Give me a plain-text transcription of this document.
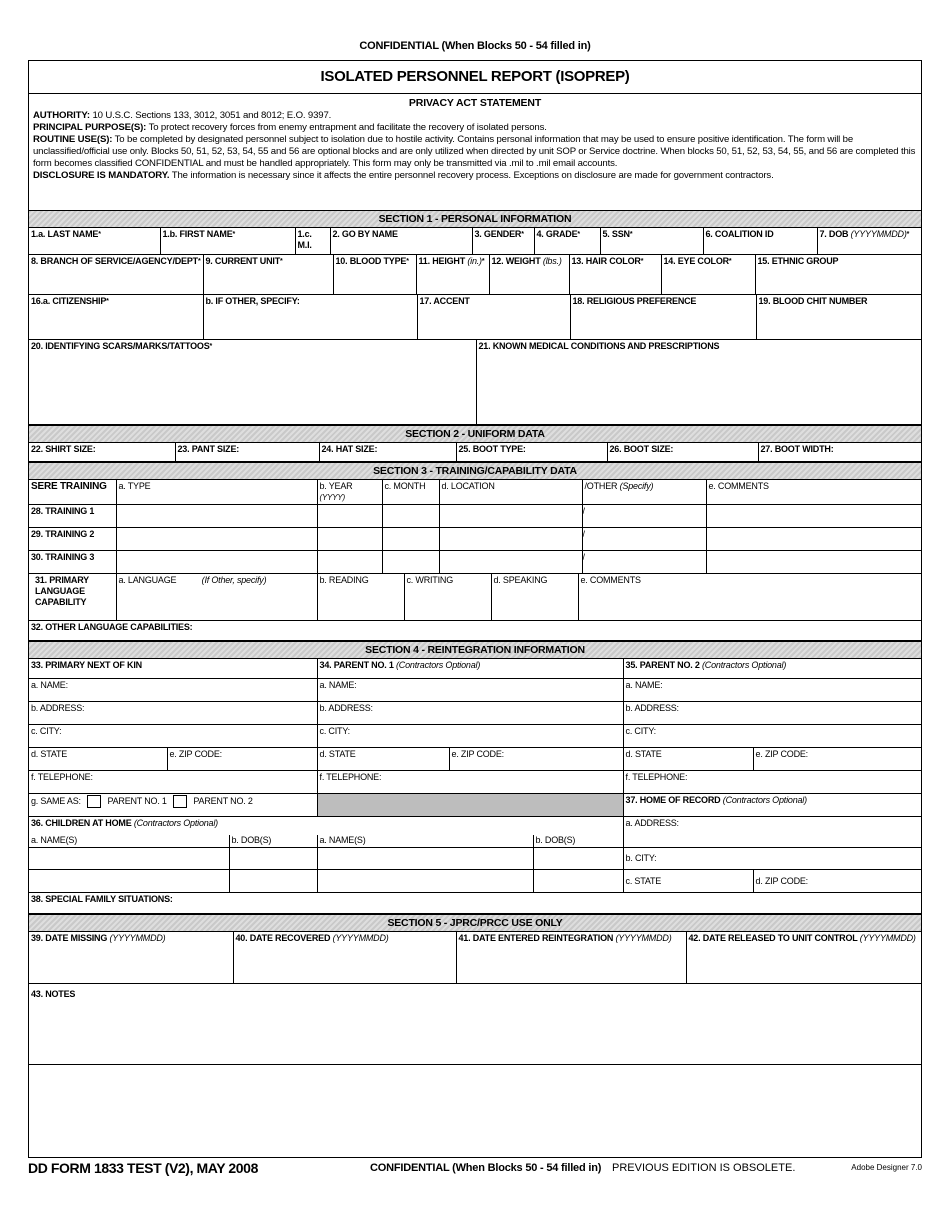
CONFIDENTIAL (When Blocks 50 - 54 filled in)
ISOLATED PERSONNEL REPORT (ISOPREP)
PRIVACY ACT STATEMENT
AUTHORITY: 10 U.S.C. Sections 133, 3012, 3051 and 8012; E.O. 9397.
PRINCIPAL PURPOSE(S): To protect recovery forces from enemy entrapment and facilitate the recovery of isolated persons.
ROUTINE USE(S): To be completed by designated personnel subject to isolation due to hostile activity. Contains personal information that may be used to ensure positive identification. The form will be unclassified/official use only. Blocks 50, 51, 52, 53, 54, 55 and 56 are optional blocks and are only utilized when directed by unit SOP or Service doctrine. When blocks 50, 51, 52, 53, 54, 55, and 56 are completed this form becomes classified CONFIDENTIAL and must be handled appropriately. This form may only be transmitted via .mil to .mil email accounts.
DISCLOSURE IS MANDATORY. The information is necessary since it affects the entire personnel recovery process. Exceptions on disclosure are made for government contractors.
SECTION 1 - PERSONAL INFORMATION
1.a. LAST NAME*	1.b. FIRST NAME*	1.c. M.I.	2. GO BY NAME	3. GENDER*	4. GRADE*	5. SSN*	6. COALITION ID	7. DOB (YYYYMMDD)*
8. BRANCH OF SERVICE/AGENCY/DEPT*	9. CURRENT UNIT*	10. BLOOD TYPE*	11. HEIGHT (in.)*	12. WEIGHT (lbs.)	13. HAIR COLOR*	14. EYE COLOR*	15. ETHNIC GROUP
16.a. CITIZENSHIP*	b. IF OTHER, SPECIFY:	17. ACCENT	18. RELIGIOUS PREFERENCE	19. BLOOD CHIT NUMBER
20. IDENTIFYING SCARS/MARKS/TATTOOS*	21. KNOWN MEDICAL CONDITIONS AND PRESCRIPTIONS
SECTION 2 - UNIFORM DATA
22. SHIRT SIZE:	23. PANT SIZE:	24. HAT SIZE:	25. BOOT TYPE:	26. BOOT SIZE:	27. BOOT WIDTH:
SECTION 3 - TRAINING/CAPABILITY DATA
SERE TRAINING	a. TYPE	b. YEAR (YYYY)	c. MONTH	d. LOCATION	/OTHER (Specify)	e. COMMENTS
28. TRAINING 1					/	
29. TRAINING 2					/	
30. TRAINING 3					/	
31. PRIMARY LANGUAGE CAPABILITY	a. LANGUAGE	(If Other, specify)	b. READING	c. WRITING	d. SPEAKING	e. COMMENTS
32. OTHER LANGUAGE CAPABILITIES:
SECTION 4 - REINTEGRATION INFORMATION
33. PRIMARY NEXT OF KIN		34. PARENT NO. 1 (Contractors Optional)		35. PARENT NO. 2 (Contractors Optional)	
a. NAME:		a. NAME:		a. NAME:	
b. ADDRESS:		b. ADDRESS:		b. ADDRESS:	
c. CITY:		c. CITY:		c. CITY:	
d. STATE	e. ZIP CODE:	d. STATE	e. ZIP CODE:	d. STATE	e. ZIP CODE:
f. TELEPHONE:		f. TELEPHONE:		f. TELEPHONE:	
g. SAME AS: PARENT NO. 1 PARENT NO. 2				37. HOME OF RECORD (Contractors Optional)	
36. CHILDREN AT HOME (Contractors Optional)				a. ADDRESS:	
a. NAME(S)	b. DOB(S)	a. NAME(S)	b. DOB(S)		
				b. CITY:	
				c. STATE	d. ZIP CODE:
38. SPECIAL FAMILY SITUATIONS:
SECTION 5 - JPRC/PRCC USE ONLY
39. DATE MISSING (YYYYMMDD)	40. DATE RECOVERED (YYYYMMDD)	41. DATE ENTERED REINTEGRATION (YYYYMMDD)	42. DATE RELEASED TO UNIT CONTROL (YYYYMMDD)
43. NOTES
DD FORM 1833 TEST (V2), MAY 2008	CONFIDENTIAL (When Blocks 50 - 54 filled in) PREVIOUS EDITION IS OBSOLETE.	Adobe Designer 7.0
